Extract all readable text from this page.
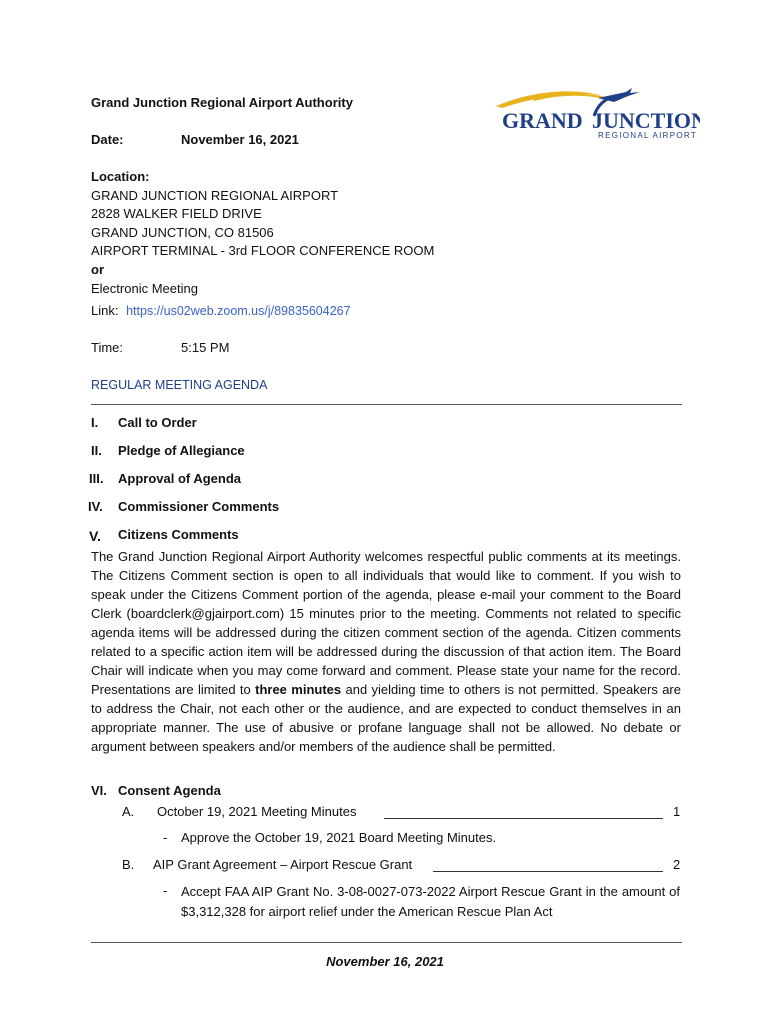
Grand Junction Regional Airport Authority
GRAND JUNCTION
REGIONAL AIRPORT
Date:	November 16, 2021
Location:
GRAND JUNCTION REGIONAL AIRPORT
2828 WALKER FIELD DRIVE
GRAND JUNCTION, CO 81506
AIRPORT TERMINAL - 3rd FLOOR CONFERENCE ROOM
or
Electronic Meeting
Link: https://us02web.zoom.us/j/89835604267
Time:	5:15 PM
REGULAR MEETING AGENDA
I.	Call to Order
II.	Pledge of Allegiance
III.	Approval of Agenda
IV.	Commissioner Comments
V.	Citizens Comments

The Grand Junction Regional Airport Authority welcomes respectful public comments at its meetings. The Citizens Comment section is open to all individuals that would like to comment. If you wish to speak under the Citizens Comment portion of the agenda, please e-mail your comment to the Board Clerk (boardclerk@gjairport.com) 15 minutes prior to the meeting. Comments not related to specific agenda items will be addressed during the citizen comment section of the agenda. Citizen comments related to a specific action item will be addressed during the discussion of that action item. The Board Chair will indicate when you may come forward and comment. Please state your name for the record. Presentations are limited to three minutes and yielding time to others is not permitted. Speakers are to address the Chair, not each other or the audience, and are expected to conduct themselves in an appropriate manner. The use of abusive or profane language shall not be allowed. No debate or argument between speakers and/or members of the audience shall be permitted.

VI. Consent Agenda
A. October 19, 2021 Meeting Minutes	1
- Approve the October 19, 2021 Board Meeting Minutes.
B. AIP Grant Agreement – Airport Rescue Grant	2
- Accept FAA AIP Grant No. 3-08-0027-073-2022 Airport Rescue Grant in the amount of $3,312,328 for airport relief under the American Rescue Plan Act
November 16, 2021
